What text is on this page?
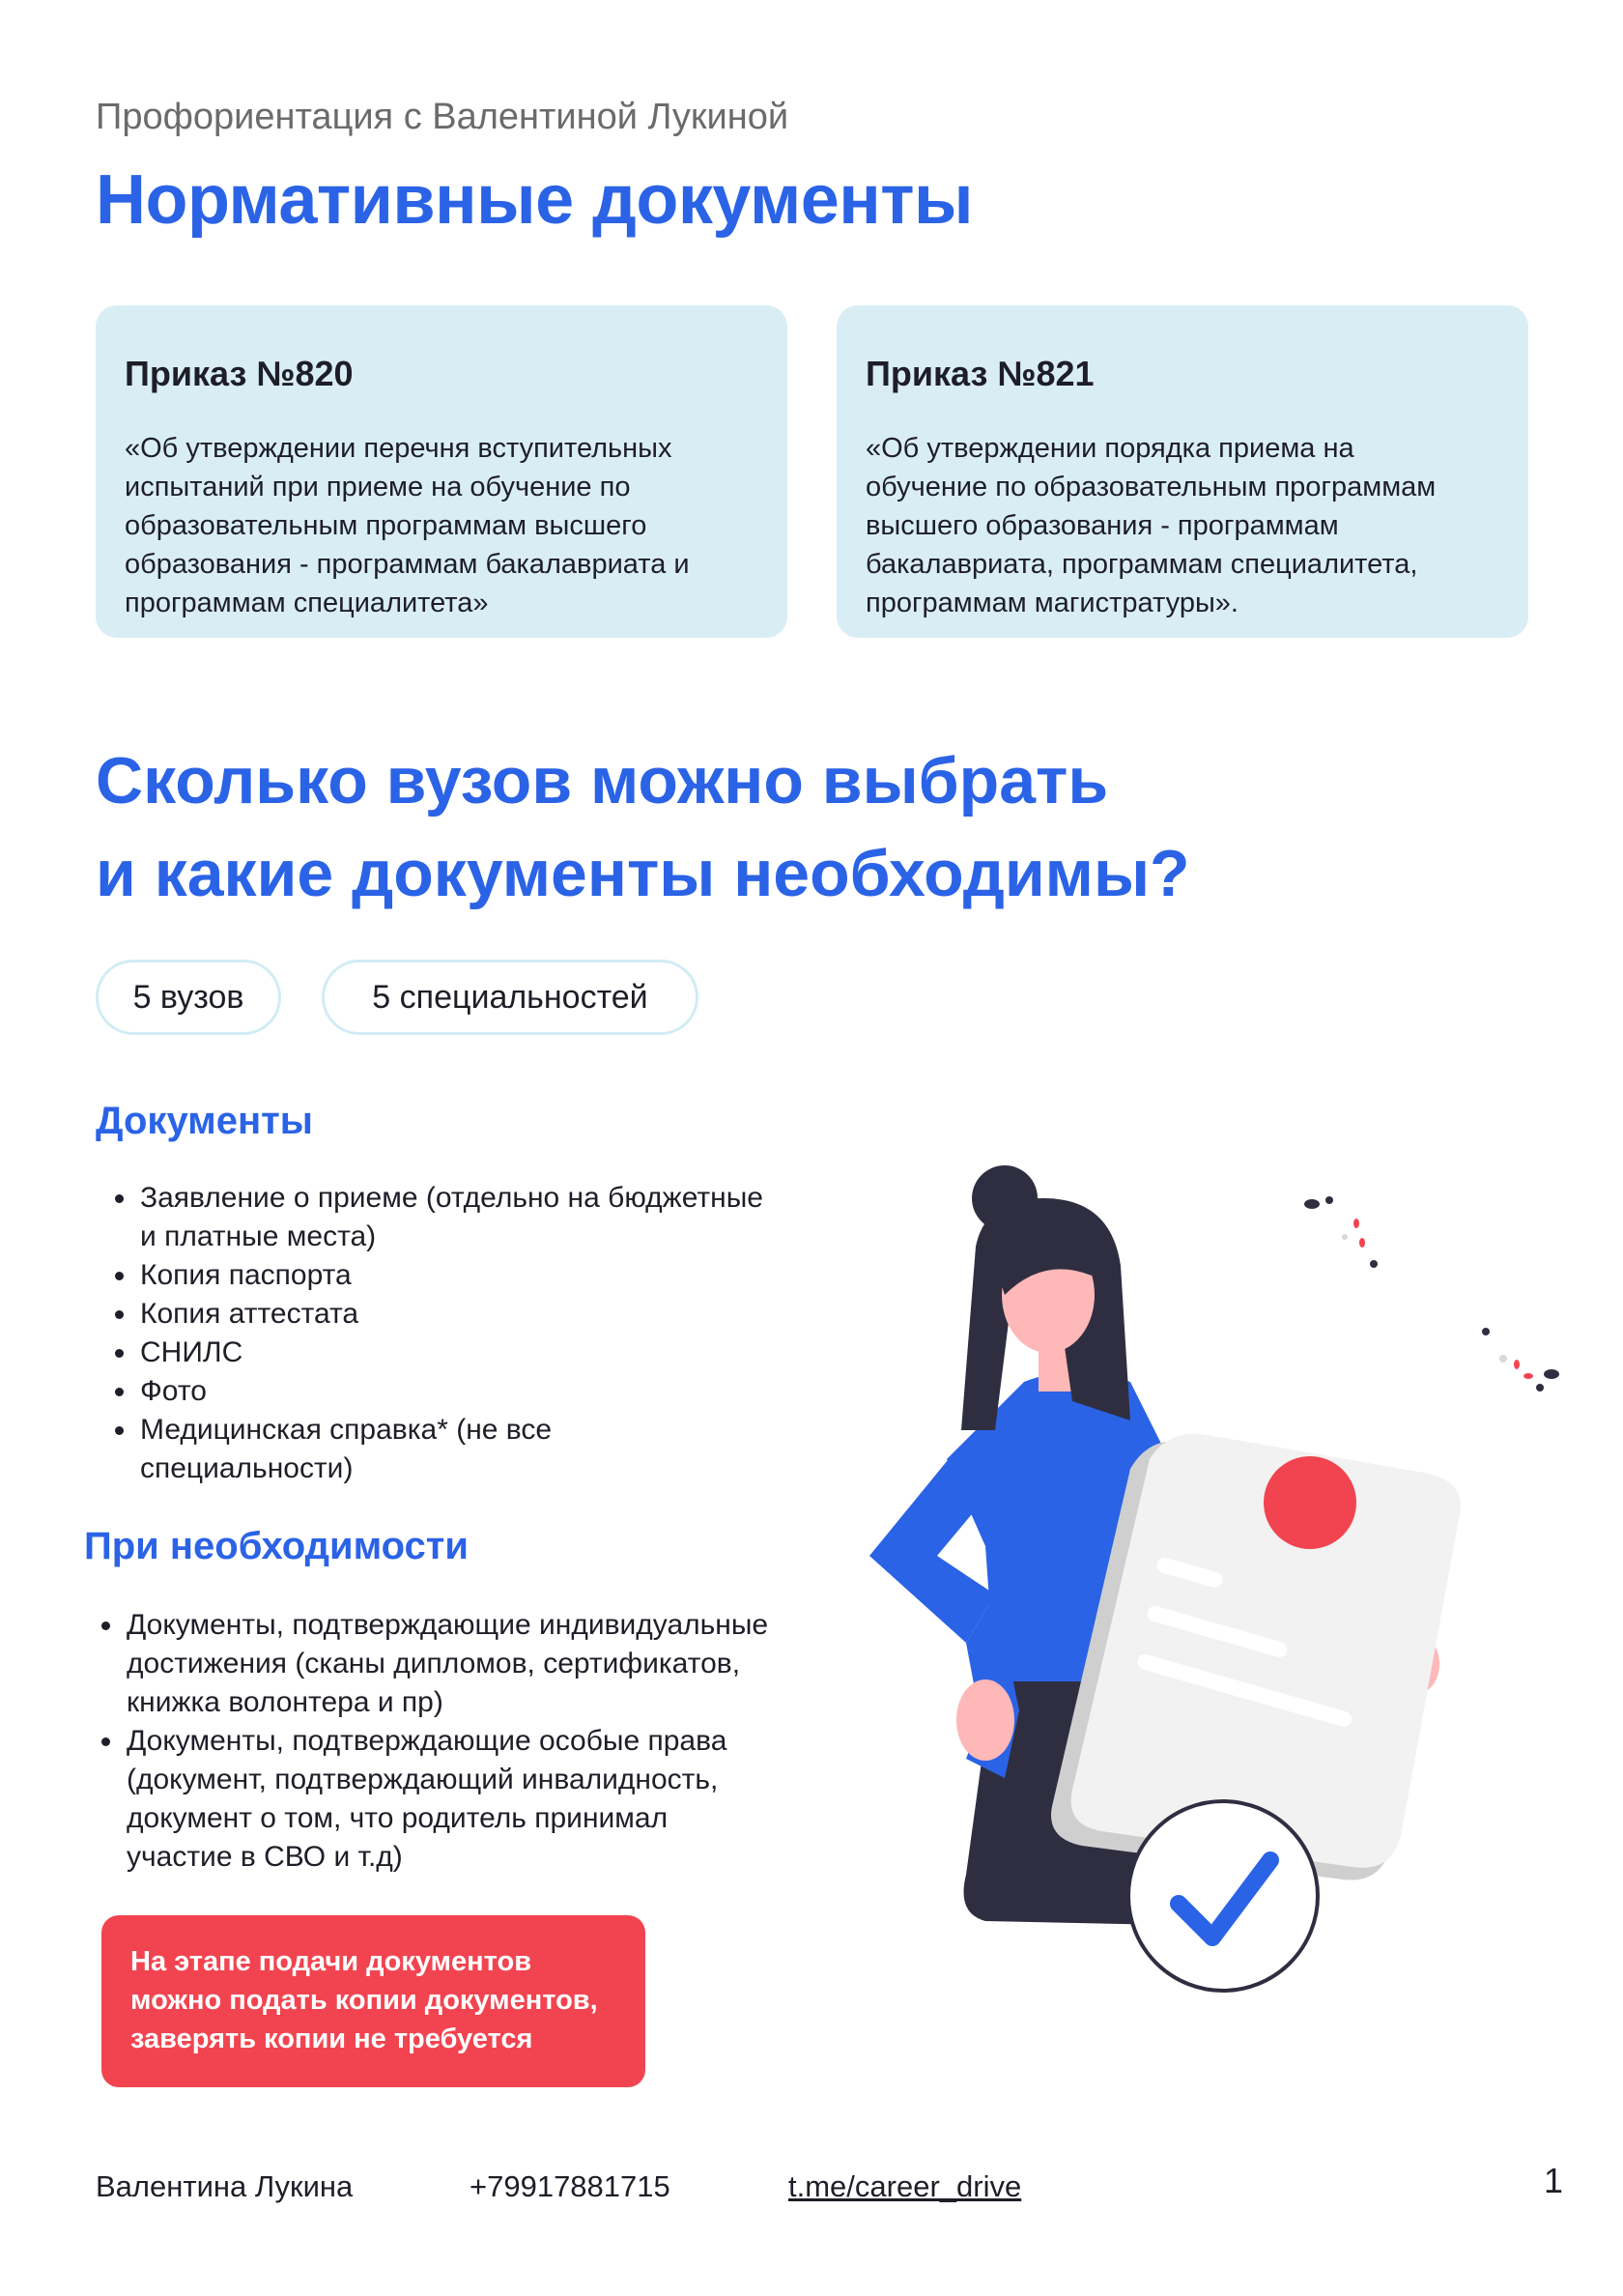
Профориентация с Валентиной Лукиной
Нормативные документы
Приказ №820
«Об утверждении перечня вступительных
испытаний при приеме на обучение по
образовательным программам высшего
образования - программам бакалавриата и
программам специалитета»
Приказ №821
«Об утверждении порядка приема на
обучение по образовательным программам
высшего образования - программам
бакалавриата, программам специалитета,
программам магистратуры».
Сколько вузов можно выбрать
и какие документы необходимы?
5 вузов	5 специальностей
Документы
• Заявление о приеме (отдельно на бюджетные
и платные места)
• Копия паспорта
• Копия аттестата
• СНИЛС
• Фото
• Медицинская справка* (не все
специальности)
При необходимости
• Документы, подтверждающие индивидуальные
достижения (сканы дипломов, сертификатов,
книжка волонтера и пр)
• Документы, подтверждающие особые права
(документ, подтверждающий инвалидность,
документ о том, что родитель принимал
участие в СВО и т.д)
На этапе подачи документов
можно подать копии документов,
заверять копии не требуется
Валентина Лукина	+79917881715	t.me/career_drive	1
